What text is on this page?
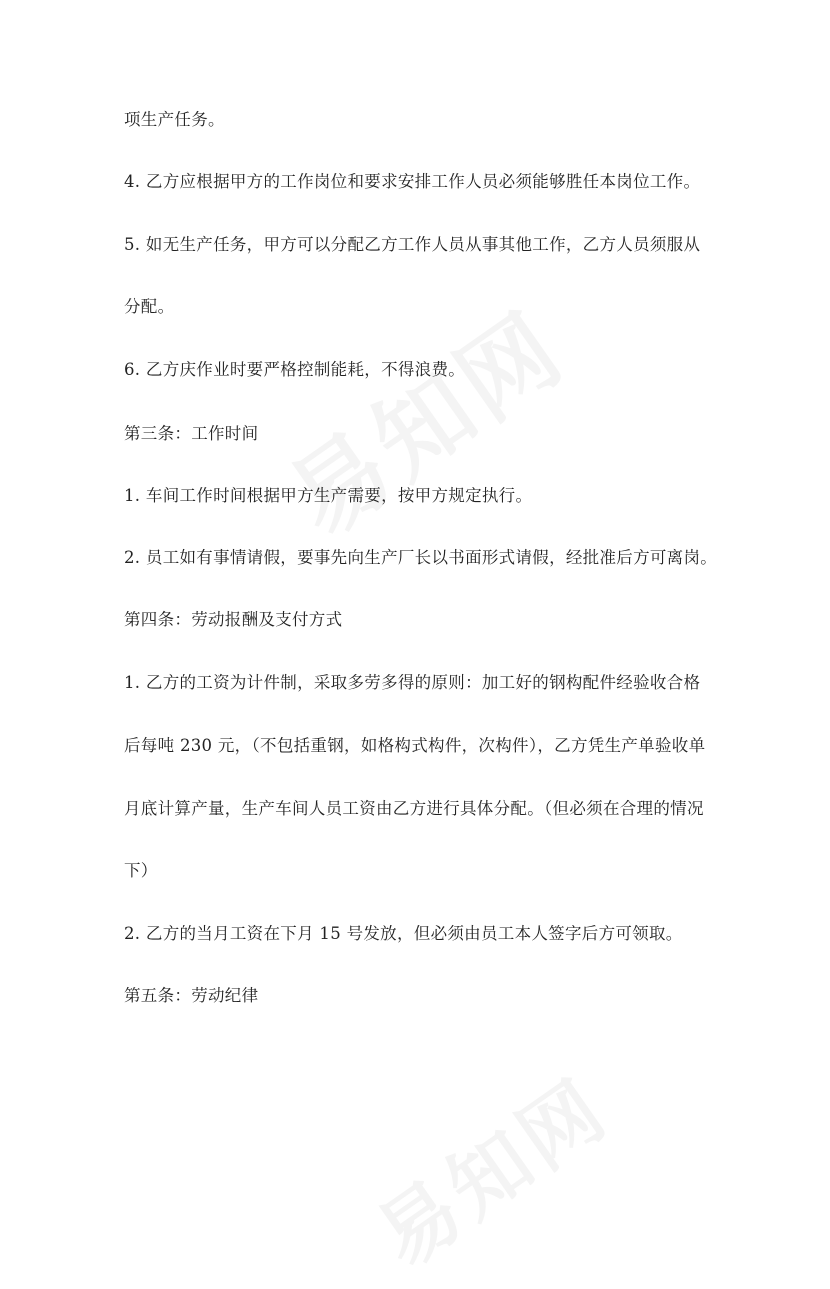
项生产任务。
4. 乙方应根据甲方的工作岗位和要求安排工作人员必须能够胜任本岗位工作。
5. 如无生产任务，甲方可以分配乙方工作人员从事其他工作，乙方人员须服从
分配。
6. 乙方庆作业时要严格控制能耗，不得浪费。
第三条：工作时间
1. 车间工作时间根据甲方生产需要，按甲方规定执行。
2. 员工如有事情请假，要事先向生产厂长以书面形式请假，经批准后方可离岗。
第四条：劳动报酬及支付方式
1. 乙方的工资为计件制，采取多劳多得的原则：加工好的钢构配件经验收合格
后每吨 230 元，（不包括重钢，如格构式构件，次构件），乙方凭生产单验收单
月底计算产量，生产车间人员工资由乙方进行具体分配。（但必须在合理的情况
下）
2. 乙方的当月工资在下月 15 号发放，但必须由员工本人签字后方可领取。
第五条：劳动纪律
